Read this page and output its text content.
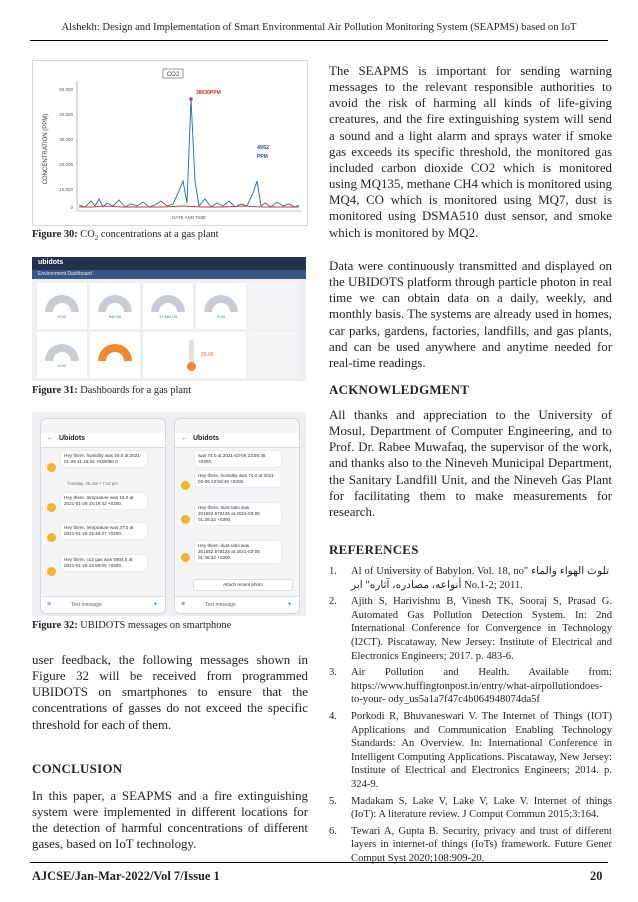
Alshekh: Design and Implementation of Smart Environmental Air Pollution Monitoring System (SEAPMS) based on IoT
CO2
CONCENTRATION (PPM)
50,000
40,000
30,000
20,000
10,000
0
38030PPM
4952
PPM
DATE AND TIME
Figure 30: $CO_2$ concentrations at a gas plant
ubidots
Environment Dashboard
0.00	940.00	17,684.00	0.00
0.00
25.00
Figure 31: Dashboards for a gas plant
← Ubidots
Hey there, humidity was 40.0 at 2021-01-26 11:16:33 +030060.0
Tuesday, 26 Jan • 7:19 pm
Hey there, temprature was 16.0 at 2021-01-26 15:19:42 +0300.
Hey there, temprature was 37.0 at 2021-01-26 15:46:27 +0300.
Hey there, co2 gas was 2904.0 at 2021-01-26 15:59:06 +0300.
⊕	Text message	●
← Ubidots
was 74.0 at 2021-03-06 23:59:45 +0300.
Hey there, humidity was 74.0 at 2021-03-06 23:59:45 +0300.
Hey there, dust-ratio was 201552.578125 at 2021-03-05 01:38:32 +0300.
Hey there, dust-ratio was 201552.578125 at 2021-03-05 01:38:32 +0300.
Attach recent photo
⊕	Text message	●
Figure 32: UBIDOTS messages on smartphone
user feedback, the following messages shown in Figure 32 will be received from programmed UBIDOTS on smartphones to ensure that the concentrations of gasses do not exceed the specific threshold for each of them.
CONCLUSION
In this paper, a SEAPMS and a fire extinguishing system were implemented in different locations for the detection of harmful concentrations of different gases, based on IoT technology.
The SEAPMS is important for sending warning messages to the relevant responsible authorities to avoid the risk of harming all kinds of life-giving creatures, and the fire extinguishing system will send a sound and a light alarm and sprays water if smoke gas exceeds its specific threshold, the monitored gas included carbon dioxide CO2 which is monitored using MQ135, methane CH4 which is monitored using MQ4, CO which is monitored using MQ7, dust is monitored using DSMA510 dust sensor, and smoke which is monitored by MQ2.
Data were continuously transmitted and displayed on the UBIDOTS platform through particle photon in real time we can obtain data on a daily, weekly, and monthly basis. The systems are already used in homes, car parks, gardens, factories, landfills, and gas plants, and can be used anywhere and anytime needed for real-time readings.
ACKNOWLEDGMENT
All thanks and appreciation to the University of Mosul, Department of Computer Engineering, and to Prof. Dr. Rabee Muwafaq, the supervisor of the work, and thanks also to the Nineveh Municipal Department, the Sanitary Landfill Unit, and the Nineveh Gas Plant for facilitating them to make measurements for research.
REFERENCES
1. Al of University of Babylon. Vol. 18, no‏ تلوث الهواء والماء ‏"‏ أنواعه، مصادره، آثاره‏" ابر‏ No.1-2; 2011.
2. Ajith S, Harivishnu B, Vinesh TK, Sooraj S, Prasad G. Automated Gas Pollution Detection System. In: 2nd International Conference for Convergence in Technology (I2CT). Piscataway, New Jersey: Institute of Electrical and Electronics Engineers; 2017. p. 483-6.
3. Air Pollution and Health. Available from: https://www.huffingtonpost.in/entry/what-airpollutiondoes-to-your- ody_us5a1a7f47c4b064948074da5f
4. Porkodi R, Bhuvaneswari V. The Internet of Things (IOT) Applications and Communication Enabling Technology Standards: An Overview. In: International Conference in Intelligent Computing Applications. Piscataway, New Jersey: Institute of Electrical and Electronics Engineers; 2014. p. 324-9.
5. Madakam S, Lake V, Lake V, Lake V. Internet of things (IoT): A literature review. J Comput Commun 2015;3:164.
6. Tewari A, Gupta B. Security, privacy and trust of different layers in internet-of things (IoTs) framework. Future Gener Comput Syst 2020;108:909-20.
AJCSE/Jan-Mar-2022/Vol 7/Issue 1	20
